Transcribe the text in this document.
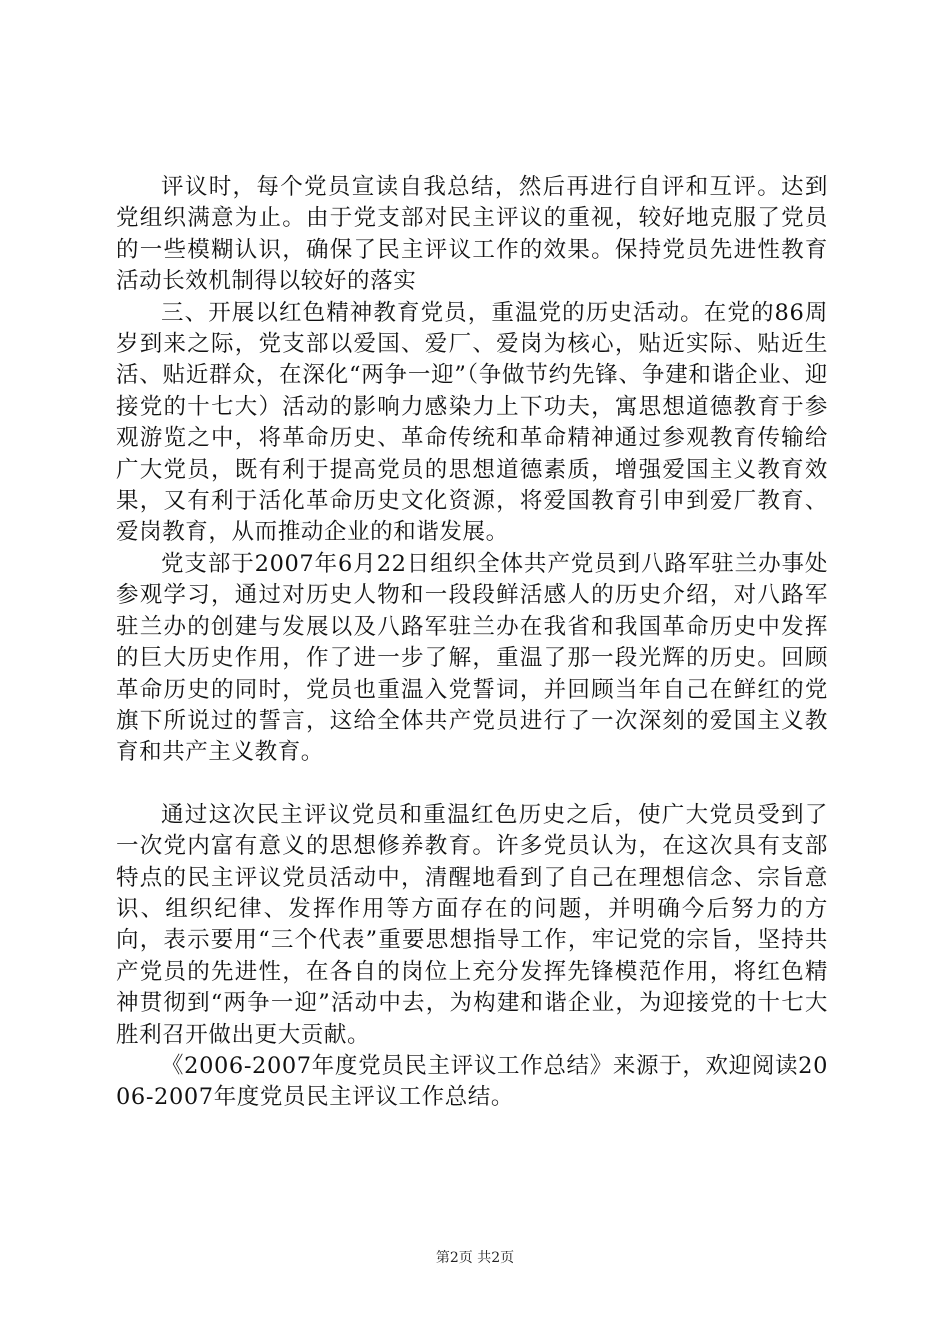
评议时，每个党员宣读自我总结，然后再进行自评和互评。达到党组织满意为止。由于党支部对民主评议的重视，较好地克服了党员的一些模糊认识，确保了民主评议工作的效果。保持党员先进性教育活动长效机制得以较好的落实

三、开展以红色精神教育党员，重温党的历史活动。在党的86周岁到来之际，党支部以爱国、爱厂、爱岗为核心，贴近实际、贴近生活、贴近群众，在深化“两争一迎”（争做节约先锋、争建和谐企业、迎接党的十七大）活动的影响力感染力上下功夫，寓思想道德教育于参观游览之中，将革命历史、革命传统和革命精神通过参观教育传输给广大党员，既有利于提高党员的思想道德素质，增强爱国主义教育效果，又有利于活化革命历史文化资源，将爱国教育引申到爱厂教育、爱岗教育，从而推动企业的和谐发展。

党支部于2007年6月22日组织全体共产党员到八路军驻兰办事处参观学习，通过对历史人物和一段段鲜活感人的历史介绍，对八路军驻兰办的创建与发展以及八路军驻兰办在我省和我国革命历史中发挥的巨大历史作用，作了进一步了解，重温了那一段光辉的历史。回顾革命历史的同时，党员也重温入党誓词，并回顾当年自己在鲜红的党旗下所说过的誓言，这给全体共产党员进行了一次深刻的爱国主义教育和共产主义教育。

通过这次民主评议党员和重温红色历史之后，使广大党员受到了一次党内富有意义的思想修养教育。许多党员认为，在这次具有支部特点的民主评议党员活动中，清醒地看到了自己在理想信念、宗旨意识、组织纪律、发挥作用等方面存在的问题，并明确今后努力的方向，表示要用“三个代表”重要思想指导工作，牢记党的宗旨，坚持共产党员的先进性，在各自的岗位上充分发挥先锋模范作用，将红色精神贯彻到“两争一迎”活动中去，为构建和谐企业，为迎接党的十七大胜利召开做出更大贡献。

《2006-2007年度党员民主评议工作总结》来源于，欢迎阅读2006-2007年度党员民主评议工作总结。

第2页 共2页
